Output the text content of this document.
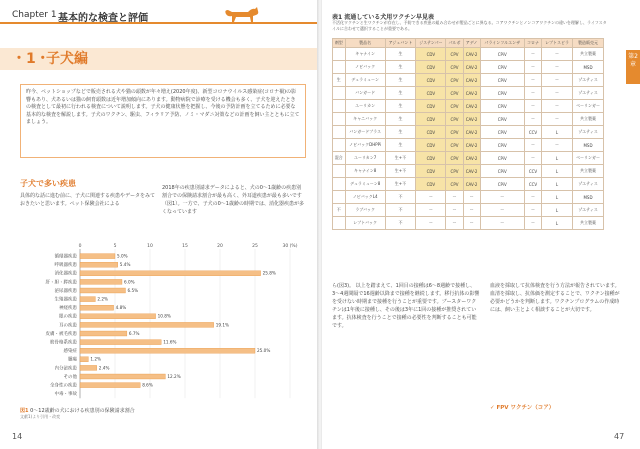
Chapter 1 基本的な検査と評価
・1・
子犬編
昨今、ペットショップなどで販売される犬や猫の頭数が年々増え(2020年度)、新型コロナウイルス感染症(コロナ禍)の影響もあり、犬あるいは猫の飼育頭数は近年増加傾向にあります。動物病院で診療を受ける機会も多く、子犬を迎えたときの検査として最初に行われる検査について説明します。子犬の健康状態を把握し、今後の予防計画を立てるために必要な基本的な検査を解説します。子犬のワクチン、駆虫、フィラリア予防、ノミ・マダニ対策などの計画を飼い主とともに立てましょう。
子犬で多い疾患
具体的な話に進む前に、子犬に関連する疾患やデータをみておきたいと思います。ペット保険会社による
2018年の疾患別請求データによると、犬の0〜1歳齢の疾患別割合での保険請求割合が最も高く、外耳道疾患が最も多いです（図1）。一方で、子犬の0〜1歳齢の時期では、消化器疾患が多くなっています
0	5	10	15	20	25	30 (%)
循環器疾患	5.0%
呼吸器疾患	5.4%
消化器疾患	25.8%
肝・胆・膵疾患	6.0%
泌尿器疾患	6.5%
生殖器疾患	2.2%
神経疾患	4.8%
眼の疾患	10.8%
耳の疾患	19.1%
皮膚・被毛疾患	6.7%
筋骨格系疾患	11.6%
感染症	25.0%
腫瘍	1.2%
内分泌疾患	2.4%
その他	12.2%
全身性の疾患	8.6%
中毒・事故
図1 0〜12歳齢の犬における疾患別の保険請求割合
文献1)より引用・改変
14
表1 流通している犬用ワクチン早見表
不活化ワクチンと生ワクチンが存在し、予防できる疾患の組み合わせが製品ごとに異なる。コアワクチンとノンコアワクチンの違いを理解し、ライフスタイルに合わせて選択することが重要である。
剤型	製品名	アジュバント	ジステンパー	パルボ	アデノ	パラインフルエンザ	コロナ	レプトスピラ	製造販売元
	キャナイン	生	CDV	CPV	CAV-2	CPiV	ー	ー	共立製薬
	ノビバック	生	CDV	CPV	CAV-2	CPiV	ー	ー	MSD
生	デュラミューン	生	CDV	CPV	CAV-2	CPiV	ー	ー	ゾエティス
	バンガード	生	CDV	CPV	CAV-2	CPiV	ー	ー	ゾエティス
	ユーリカン	生	CDV	CPV	CAV-2	CPiV	ー	ー	ベーリンガー
	キャニバック	生	CDV	CPV	CAV-2	CPiV	ー	ー	共立製薬
	バンガードプラス	生	CDV	CPV	CAV-2	CPiV	CCV	L	ゾエティス
	ノビバックDHPPi	生	CDV	CPV	CAV-2	CPiV	ー	ー	MSD
混合	ユーリカン7	生+不	CDV	CPV	CAV-2	CPiV	ー	L	ベーリンガー
	キャナイン8	生+不	CDV	CPV	CAV-2	CPiV	CCV	L	共立製薬
	デュラミューン8	生+不	CDV	CPV	CAV-2	CPiV	CCV	L	ゾエティス
	ノビバックL4	不	ー	ー	ー	ー	ー	L	MSD
不	ラブバック	不	ー	ー	ー	ー	ー	L	ゾエティス
	レプトバック	不	ー	ー	ー	ー	ー	L	共立製薬
第2章
ら(図3)。 以上を踏まえて、1回目の接種は6〜8週齢で接種し、3〜4週間隔で16週齢以降まで接種を継続します。移行抗体の影響を受けない時期まで接種を行うことが重要です。ブースターワクチンは1年後に接種し、その後は3年に1回の接種が推奨されています。抗体検査を行うことで接種の必要性を判断することも可能です。
血液を採取して抗体検査を行う方法が報告されています。血清を採取し、抗体価を測定することで、ワクチン接種が必要かどうかを判断します。ワクチンプログラムの作成時には、飼い主とよく相談することが大切です。
✓ FPV ワクチン（コア）
47
